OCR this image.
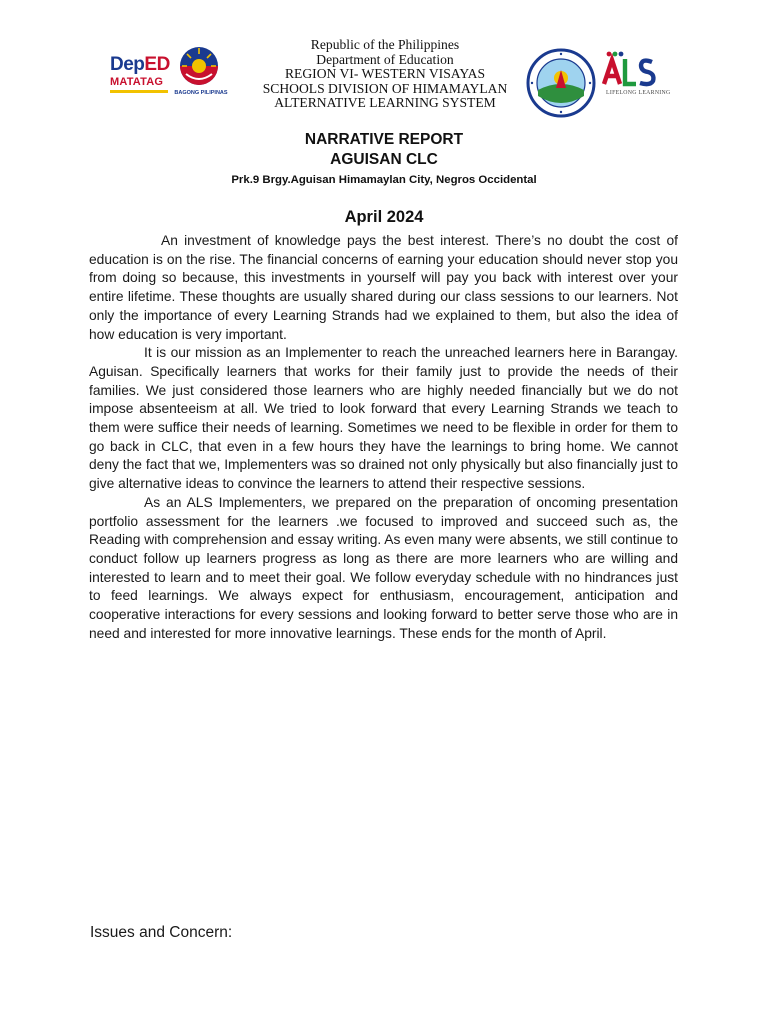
DepED
MATATAG
BAGONG PILIPINAS
Republic of the Philippines
Department of Education
REGION VI- WESTERN VISAYAS
SCHOOLS DIVISION OF HIMAMAYLAN
ALTERNATIVE LEARNING SYSTEM
LIFELONG LEARNING
NARRATIVE REPORT
AGUISAN CLC
Prk.9 Brgy.Aguisan Himamaylan City, Negros Occidental
April 2024

An investment of knowledge pays the best interest. There’s no doubt the cost of education is on the rise. The financial concerns of earning your education should never stop you from doing so because, this investments in yourself will pay you back with interest over your entire lifetime. These thoughts are usually shared during our class sessions to our learners. Not only the importance of every Learning Strands had we explained to them, but also the idea of how education is very important.

It is our mission as an Implementer to reach the unreached learners here in Barangay. Aguisan. Specifically learners that works for their family just to provide the needs of their families. We just considered those learners who are highly needed financially but we do not impose absenteeism at all. We tried to look forward that every Learning Strands we teach to them were suffice their needs of learning. Sometimes we need to be flexible in order for them to go back in CLC, that even in a few hours they have the learnings to bring home. We cannot deny the fact that we, Implementers was so drained not only physically but also financially just to give alternative ideas to convince the learners to attend their respective sessions.

As an ALS Implementers, we prepared on the preparation of oncoming presentation portfolio assessment for the learners .we focused to improved and succeed such as, the Reading with comprehension and essay writing. As even many were absents, we still continue to conduct follow up learners progress as long as there are more learners who are willing and interested to learn and to meet their goal. We follow everyday schedule with no hindrances just to feed learnings. We always expect for enthusiasm, encouragement, anticipation and cooperative interactions for every sessions and looking forward to better serve those who are in need and interested for more innovative learnings. These ends for the month of April.

Issues and Concern:
